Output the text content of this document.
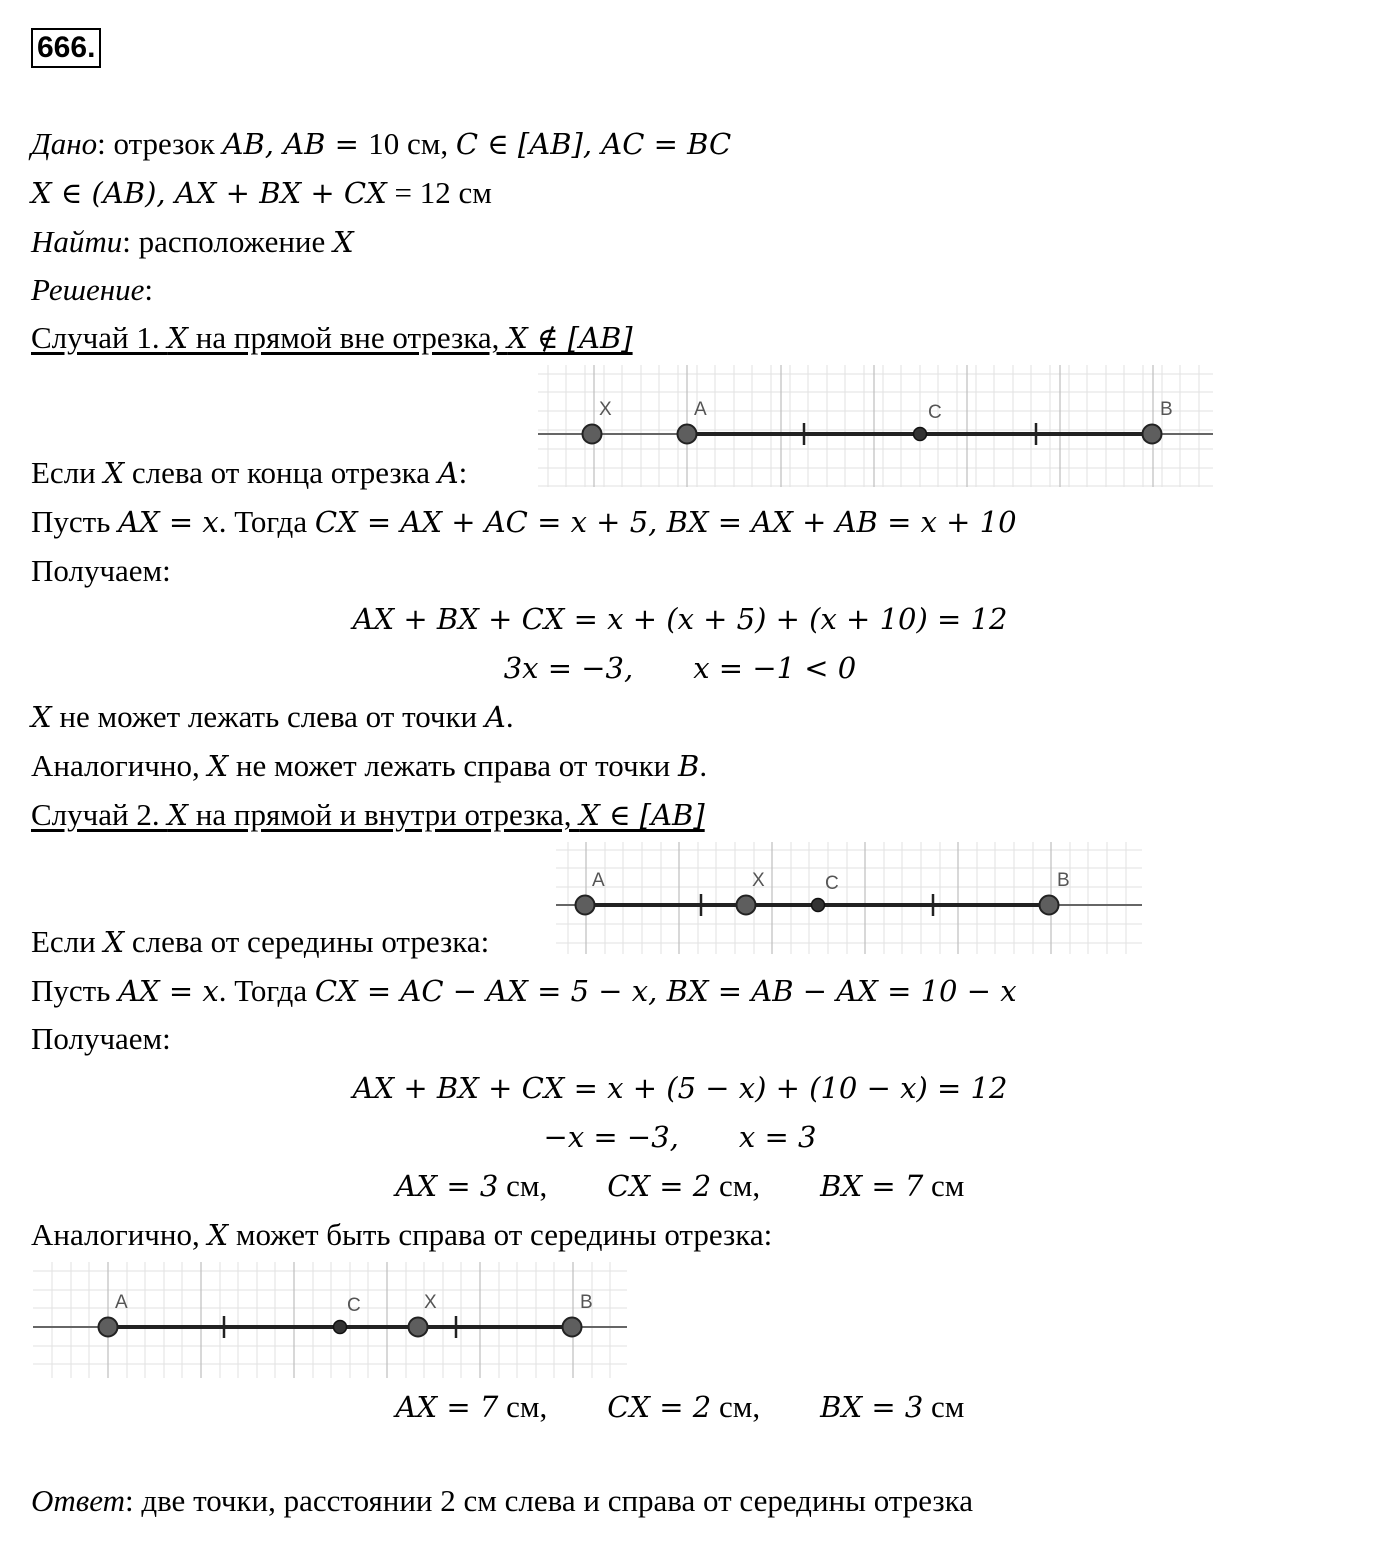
666.
Дано: отрезок AB, AB = 10 см, C ∈ [AB], AC = BC
X ∈ (AB), AX + BX + CX = 12 см
Найти: расположение X
Решение:
Случай 1. X на прямой вне отрезка, X ∉ [AB]
X	A	C	B
Если X слева от конца отрезка A:
Пусть AX = x. Тогда CX = AX + AC = x + 5, BX = AX + AB = x + 10
Получаем:
AX + BX + CX = x + (x + 5) + (x + 10) = 12
3x = −3, x = −1 < 0
X не может лежать слева от точки A.
Аналогично, X не может лежать справа от точки B.
Случай 2. X на прямой и внутри отрезка, X ∈ [AB]
A	X	C	B
Если X слева от середины отрезка:
Пусть AX = x. Тогда CX = AC − AX = 5 − x, BX = AB − AX = 10 − x
Получаем:
AX + BX + CX = x + (5 − x) + (10 − x) = 12
−x = −3, x = 3
AX = 3 см, CX = 2 см, BX = 7 см
Аналогично, X может быть справа от середины отрезка:
A	C	X	B
AX = 7 см, CX = 2 см, BX = 3 см
Ответ: две точки, расстоянии 2 см слева и справа от середины отрезка
